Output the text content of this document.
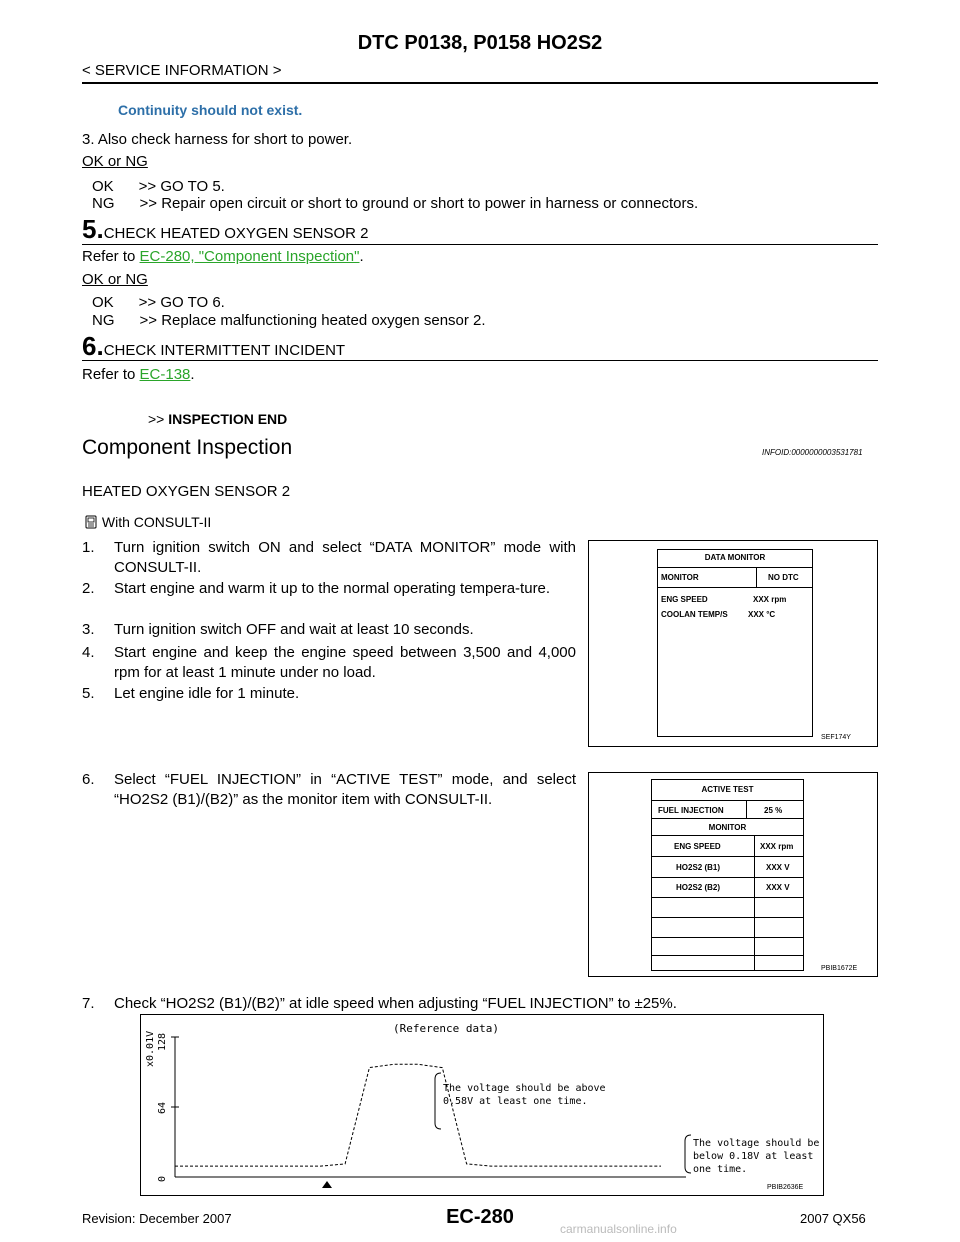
DTC P0138, P0158 HO2S2
< SERVICE INFORMATION >
Continuity should not exist.
3. Also check harness for short to power.
OK or NG
OK      >> GO TO 5.
NG      >> Repair open circuit or short to ground or short to power in harness or connectors.
5.CHECK HEATED OXYGEN SENSOR 2
Refer to EC-280, "Component Inspection".
OK or NG
OK      >> GO TO 6.
NG      >> Replace malfunctioning heated oxygen sensor 2.
6.CHECK INTERMITTENT INCIDENT
Refer to EC-138.
>> INSPECTION END
Component Inspection	INFOID:0000000003531781
HEATED OXYGEN SENSOR 2
With CONSULT-II
1. Turn ignition switch ON and select “DATA MONITOR” mode with CONSULT-II.
2. Start engine and warm it up to the normal operating tempera-ture.
3. Turn ignition switch OFF and wait at least 10 seconds.
4. Start engine and keep the engine speed between 3,500 and 4,000 rpm for at least 1 minute under no load.
5. Let engine idle for 1 minute.
6. Select “FUEL INJECTION” in “ACTIVE TEST” mode, and select “HO2S2 (B1)/(B2)” as the monitor item with CONSULT-II.
7. Check “HO2S2 (B1)/(B2)” at idle speed when adjusting “FUEL INJECTION” to ±25%.
DATA MONITOR
MONITOR	NO DTC
ENG SPEED	XXX rpm
COOLAN TEMP/S	XXX °C
SEF174Y
ACTIVE TEST
FUEL INJECTION	25 %
MONITOR
ENG SPEED	XXX rpm
HO2S2 (B1)	XXX V
HO2S2 (B2)	XXX V
PBIB1672E
x0.01V 128
64
0
(Reference data)
The voltage should be above
0.58V at least one time.
The voltage should be
below 0.18V at least
one time.
PBIB2636E
Revision: December 2007	EC-280	2007 QX56
carmanualsonline.info
